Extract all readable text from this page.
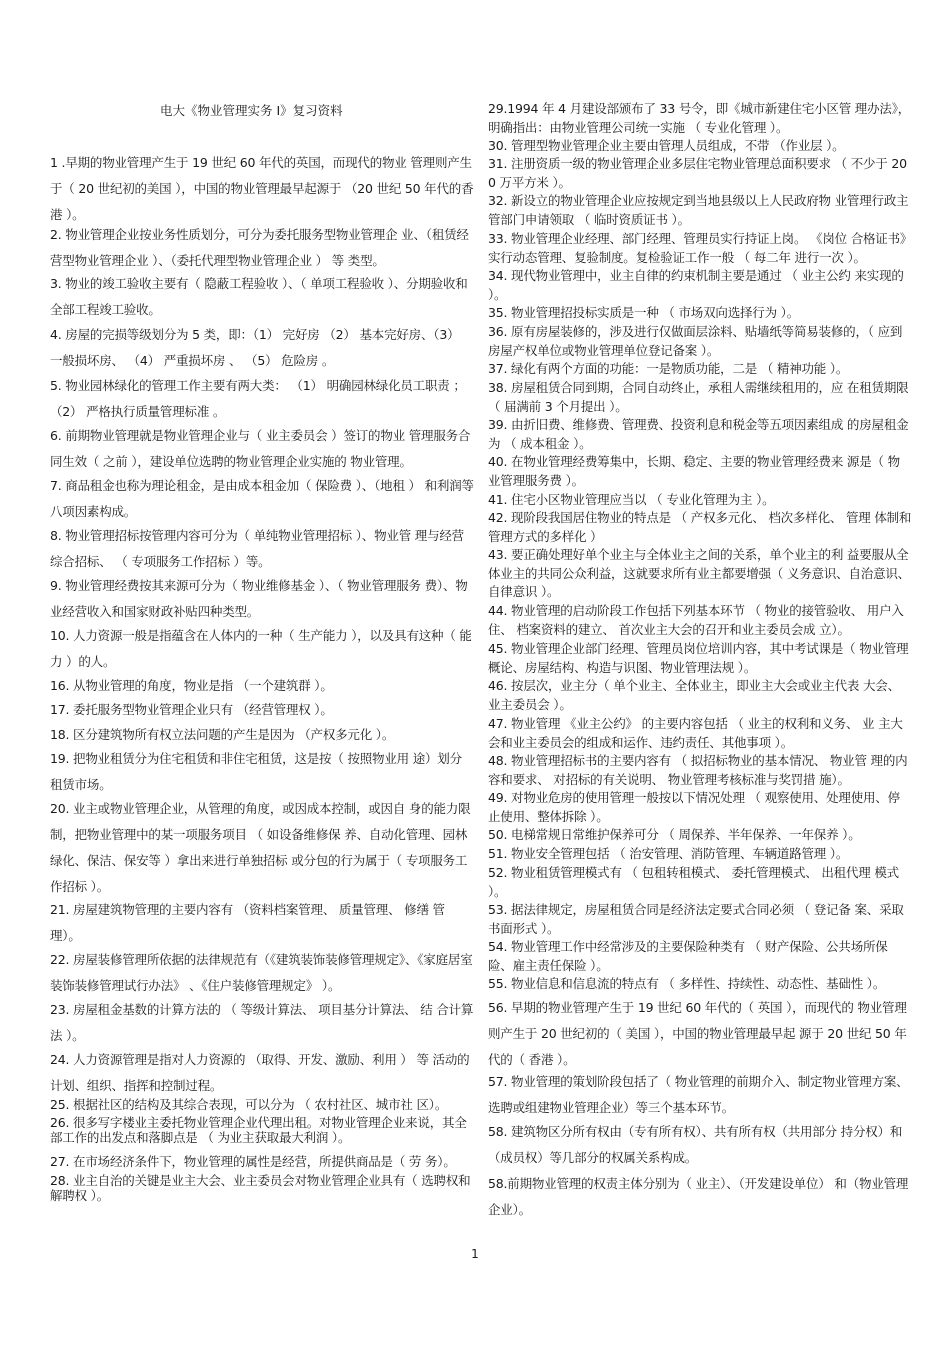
电大《物业管理实务 I》复习资料

1 .早期的物业管理产生于 19 世纪 60 年代的英国，而现代的物业 管理则产生于（ 20 世纪初的美国 ），中国的物业管理最早起源于 （20 世纪 50 年代的香港 ）。

2. 物业管理企业按业务性质划分，可分为委托服务型物业管理企 业、（租赁经营型物业管理企业 ）、（委托代理型物业管理企业 ） 等 类型。

3. 物业的竣工验收主要有（ 隐蔽工程验收 ）、（ 单项工程验收 ）、分期验收和全部工程竣工验收。

4. 房屋的完损等级划分为 5 类，即：（1） 完好房 （2） 基本完好房、（3） 一般损坏房、 （4） 严重损坏房 、 （5） 危险房 。

5. 物业园林绿化的管理工作主要有两大类： （1） 明确园林绿化员工职责 ；（2） 严格执行质量管理标准 。

6. 前期物业管理就是物业管理企业与（ 业主委员会 ）签订的物业 管理服务合同生效（ 之前 ），建设单位选聘的物业管理企业实施的 物业管理。

7. 商品租金也称为理论租金，是由成本租金加（ 保险费 ）、（地租 ） 和利润等八项因素构成。

8. 物业管理招标按管理内容可分为（ 单纯物业管理招标 ）、物业管 理与经营综合招标、 （ 专项服务工作招标 ）等。

9. 物业管理经费按其来源可分为（ 物业维修基金 ）、（ 物业管理服务 费）、物业经营收入和国家财政补贴四种类型。

10. 人力资源一般是指蕴含在人体内的一种（ 生产能力 ），以及具有这种（ 能力 ）的人。

16. 从物业管理的角度，物业是指 （一个建筑群 ）。

17. 委托服务型物业管理企业只有 （经营管理权 ）。

18. 区分建筑物所有权立法问题的产生是因为 （产权多元化 ）。

19. 把物业租赁分为住宅租赁和非住宅租赁，这是按（ 按照物业用 途）划分租赁市场。

20. 业主或物业管理企业，从管理的角度，或因成本控制，或因自 身的能力限制，把物业管理中的某一项服务项目 （ 如设备维修保 养、自动化管理、园林绿化、保洁、保安等 ）拿出来进行单独招标 或分包的行为属于（ 专项服务工作招标 ）。

21. 房屋建筑物管理的主要内容有 （资料档案管理、 质量管理、 修缮 管理）。

22. 房屋装修管理所依据的法律规范有（《建筑装饰装修管理规定》、《家庭居室装饰装修管理试行办法》 、《住户装修管理规定》 ）。

23. 房屋租金基数的计算方法的 （ 等级计算法、 项目基分计算法、 结 合计算法 ）。

24. 人力资源管理是指对人力资源的 （取得、开发、激励、利用 ） 等 活动的计划、组织、指挥和控制过程。

25. 根据社区的结构及其综合表现，可以分为 （ 农村社区、城市社 区）。

26. 很多写字楼业主委托物业管理企业代理出租。对物业管理企业来说，其全部工作的出发点和落脚点是 （ 为业主获取最大利润 ）。

27. 在市场经济条件下，物业管理的属性是经营，所提供商品是（ 劳 务）。

28. 业主自治的关键是业主大会、业主委员会对物业管理企业具有（ 选聘权和解聘权 ）。

29.1994 年 4 月建设部颁布了 33 号令，即《城市新建住宅小区管 理办法》，明确指出：由物业管理公司统一实施 （ 专业化管理 ）。

30. 管理型物业管理企业主要由管理人员组成，不带 （作业层 ）。

31. 注册资质一级的物业管理企业多层住宅物业管理总面积要求 （ 不少于 200 万平方米 ）。

32. 新设立的物业管理企业应按规定到当地县级以上人民政府物 业管理行政主管部门申请领取 （ 临时资质证书 ）。

33. 物业管理企业经理、部门经理、管理员实行持证上岗。 《岗位 合格证书》实行动态管理、复验制度。复检验证工作一般 （ 每二年 进行一次 ）。

34. 现代物业管理中，业主自律的约束机制主要是通过 （ 业主公约 来实现的 ）。

35. 物业管理招投标实质是一种 （ 市场双向选择行为 ）。

36. 原有房屋装修的，涉及进行仅做面层涂料、贴墙纸等简易装修的，（ 应到房屋产权单位或物业管理单位登记备案 ）。

37. 绿化有两个方面的功能：一是物质功能，二是 （ 精神功能 ）。

38. 房屋租赁合同到期，合同自动终止，承租人需继续租用的，应 在租赁期限 （ 届满前 3 个月提出 ）。

39. 由折旧费、维修费、管理费、投资利息和税金等五项因素组成 的房屋租金为 （ 成本租金 ）。

40. 在物业管理经费筹集中，长期、稳定、主要的物业管理经费来 源是（ 物业管理服务费 ）。

41. 住宅小区物业管理应当以 （ 专业化管理为主 ）。

42. 现阶段我国居住物业的特点是 （ 产权多元化、 档次多样化、 管理 体制和管理方式的多样化 ）

43. 要正确处理好单个业主与全体业主之间的关系，单个业主的利 益要服从全体业主的共同公众利益，这就要求所有业主都要增强（ 义务意识、自治意识、自律意识 ）。

44. 物业管理的启动阶段工作包括下列基本环节 （ 物业的接管验收、 用户入住、 档案资料的建立、 首次业主大会的召开和业主委员会成 立）。

45. 物业管理企业部门经理、管理员岗位培训内容，其中考试课是（ 物业管理概论、房屋结构、构造与识图、物业管理法规 ）。

46. 按层次，业主分（ 单个业主、全体业主，即业主大会或业主代表 大会、业主委员会 ）。

47. 物业管理 《业主公约》 的主要内容包括 （ 业主的权利和义务、 业 主大会和业主委员会的组成和运作、违约责任、其他事项 ）。

48. 物业管理招标书的主要内容有 （ 拟招标物业的基本情况、 物业管 理的内容和要求、 对招标的有关说明、 物业管理考核标准与奖罚措 施）。

49. 对物业危房的使用管理一般按以下情况处理 （ 观察使用、处理使用、停止使用、整体拆除 ）。

50. 电梯常规日常维护保养可分 （ 周保养、半年保养、一年保养 ）。

51. 物业安全管理包括 （ 治安管理、消防管理、车辆道路管理 ）。

52. 物业租赁管理模式有 （ 包租转租模式、 委托管理模式、 出租代理 模式 ）。

53. 据法律规定，房屋租赁合同是经济法定要式合同必须 （ 登记备 案、采取书面形式 ）。

54. 物业管理工作中经常涉及的主要保险种类有 （ 财产保险、公共场所保险、雇主责任保险 ）。

55. 物业信息和信息流的特点有 （ 多样性、持续性、动态性、基础性 ）。

56. 早期的物业管理产生于 19 世纪 60 年代的（ 英国 ），而现代的 物业管理则产生于 20 世纪初的（ 美国 ），中国的物业管理最早起 源于 20 世纪 50 年代的（ 香港 ）。

57. 物业管理的策划阶段包括了（ 物业管理的前期介入、制定物业管理方案、选聘或组建物业管理企业）等三个基本环节。

58. 建筑物区分所有权由（专有所有权）、共有所有权（共用部分 持分权）和（成员权）等几部分的权属关系构成。

58.前期物业管理的权责主体分别为（ 业主）、（开发建设单位） 和（物业管理企业）。

1
